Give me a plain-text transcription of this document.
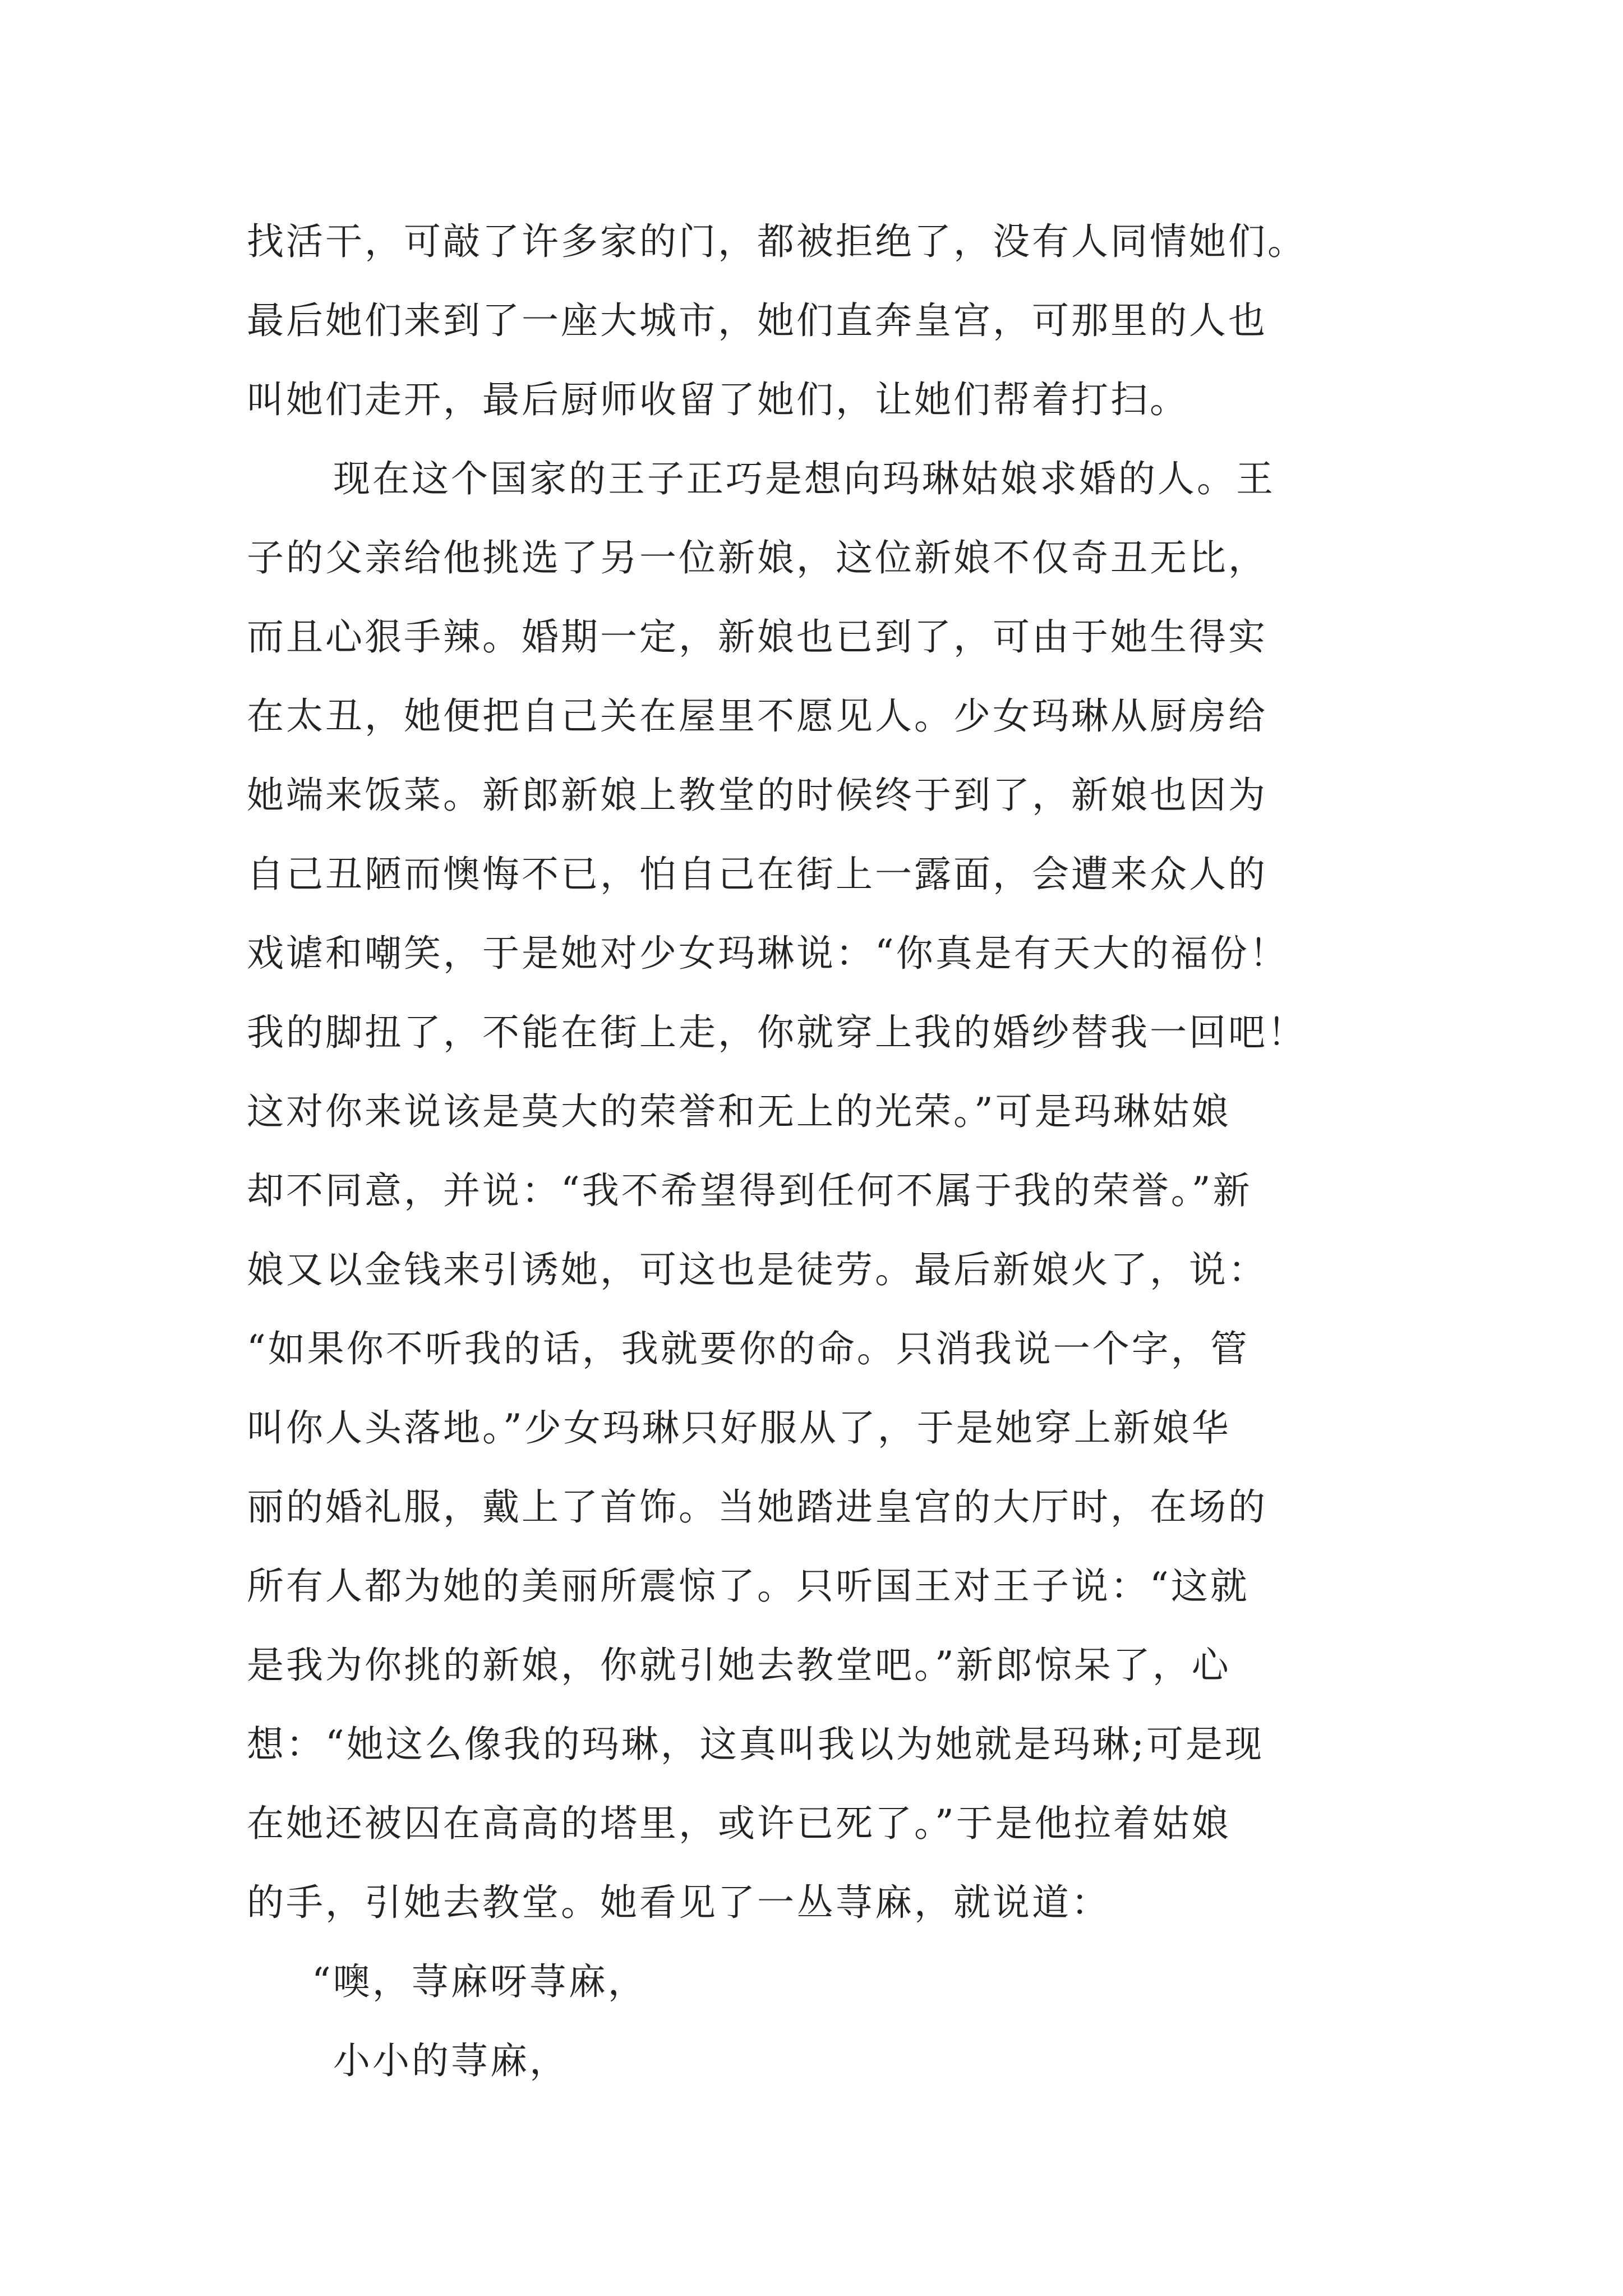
找活干，可敲了许多家的门，都被拒绝了，没有人同情她们。
最后她们来到了一座大城市，她们直奔皇宫，可那里的人也
叫她们走开，最后厨师收留了她们，让她们帮着打扫。
现在这个国家的王子正巧是想向玛琳姑娘求婚的人。王
子的父亲给他挑选了另一位新娘，这位新娘不仅奇丑无比，
而且心狠手辣。婚期一定，新娘也已到了，可由于她生得实
在太丑，她便把自己关在屋里不愿见人。少女玛琳从厨房给
她端来饭菜。新郎新娘上教堂的时候终于到了，新娘也因为
自己丑陋而懊悔不已，怕自己在街上一露面，会遭来众人的
戏谑和嘲笑，于是她对少女玛琳说：“你真是有天大的福份！
我的脚扭了，不能在街上走，你就穿上我的婚纱替我一回吧！
这对你来说该是莫大的荣誉和无上的光荣。”可是玛琳姑娘
却不同意，并说：“我不希望得到任何不属于我的荣誉。”新
娘又以金钱来引诱她，可这也是徒劳。最后新娘火了，说：
“如果你不听我的话，我就要你的命。只消我说一个字，管
叫你人头落地。”少女玛琳只好服从了，于是她穿上新娘华
丽的婚礼服，戴上了首饰。当她踏进皇宫的大厅时，在场的
所有人都为她的美丽所震惊了。只听国王对王子说：“这就
是我为你挑的新娘，你就引她去教堂吧。”新郎惊呆了，心
想：“她这么像我的玛琳，这真叫我以为她就是玛琳;可是现
在她还被囚在高高的塔里，或许已死了。”于是他拉着姑娘
的手，引她去教堂。她看见了一丛荨麻，就说道：
“噢，荨麻呀荨麻，
小小的荨麻，
